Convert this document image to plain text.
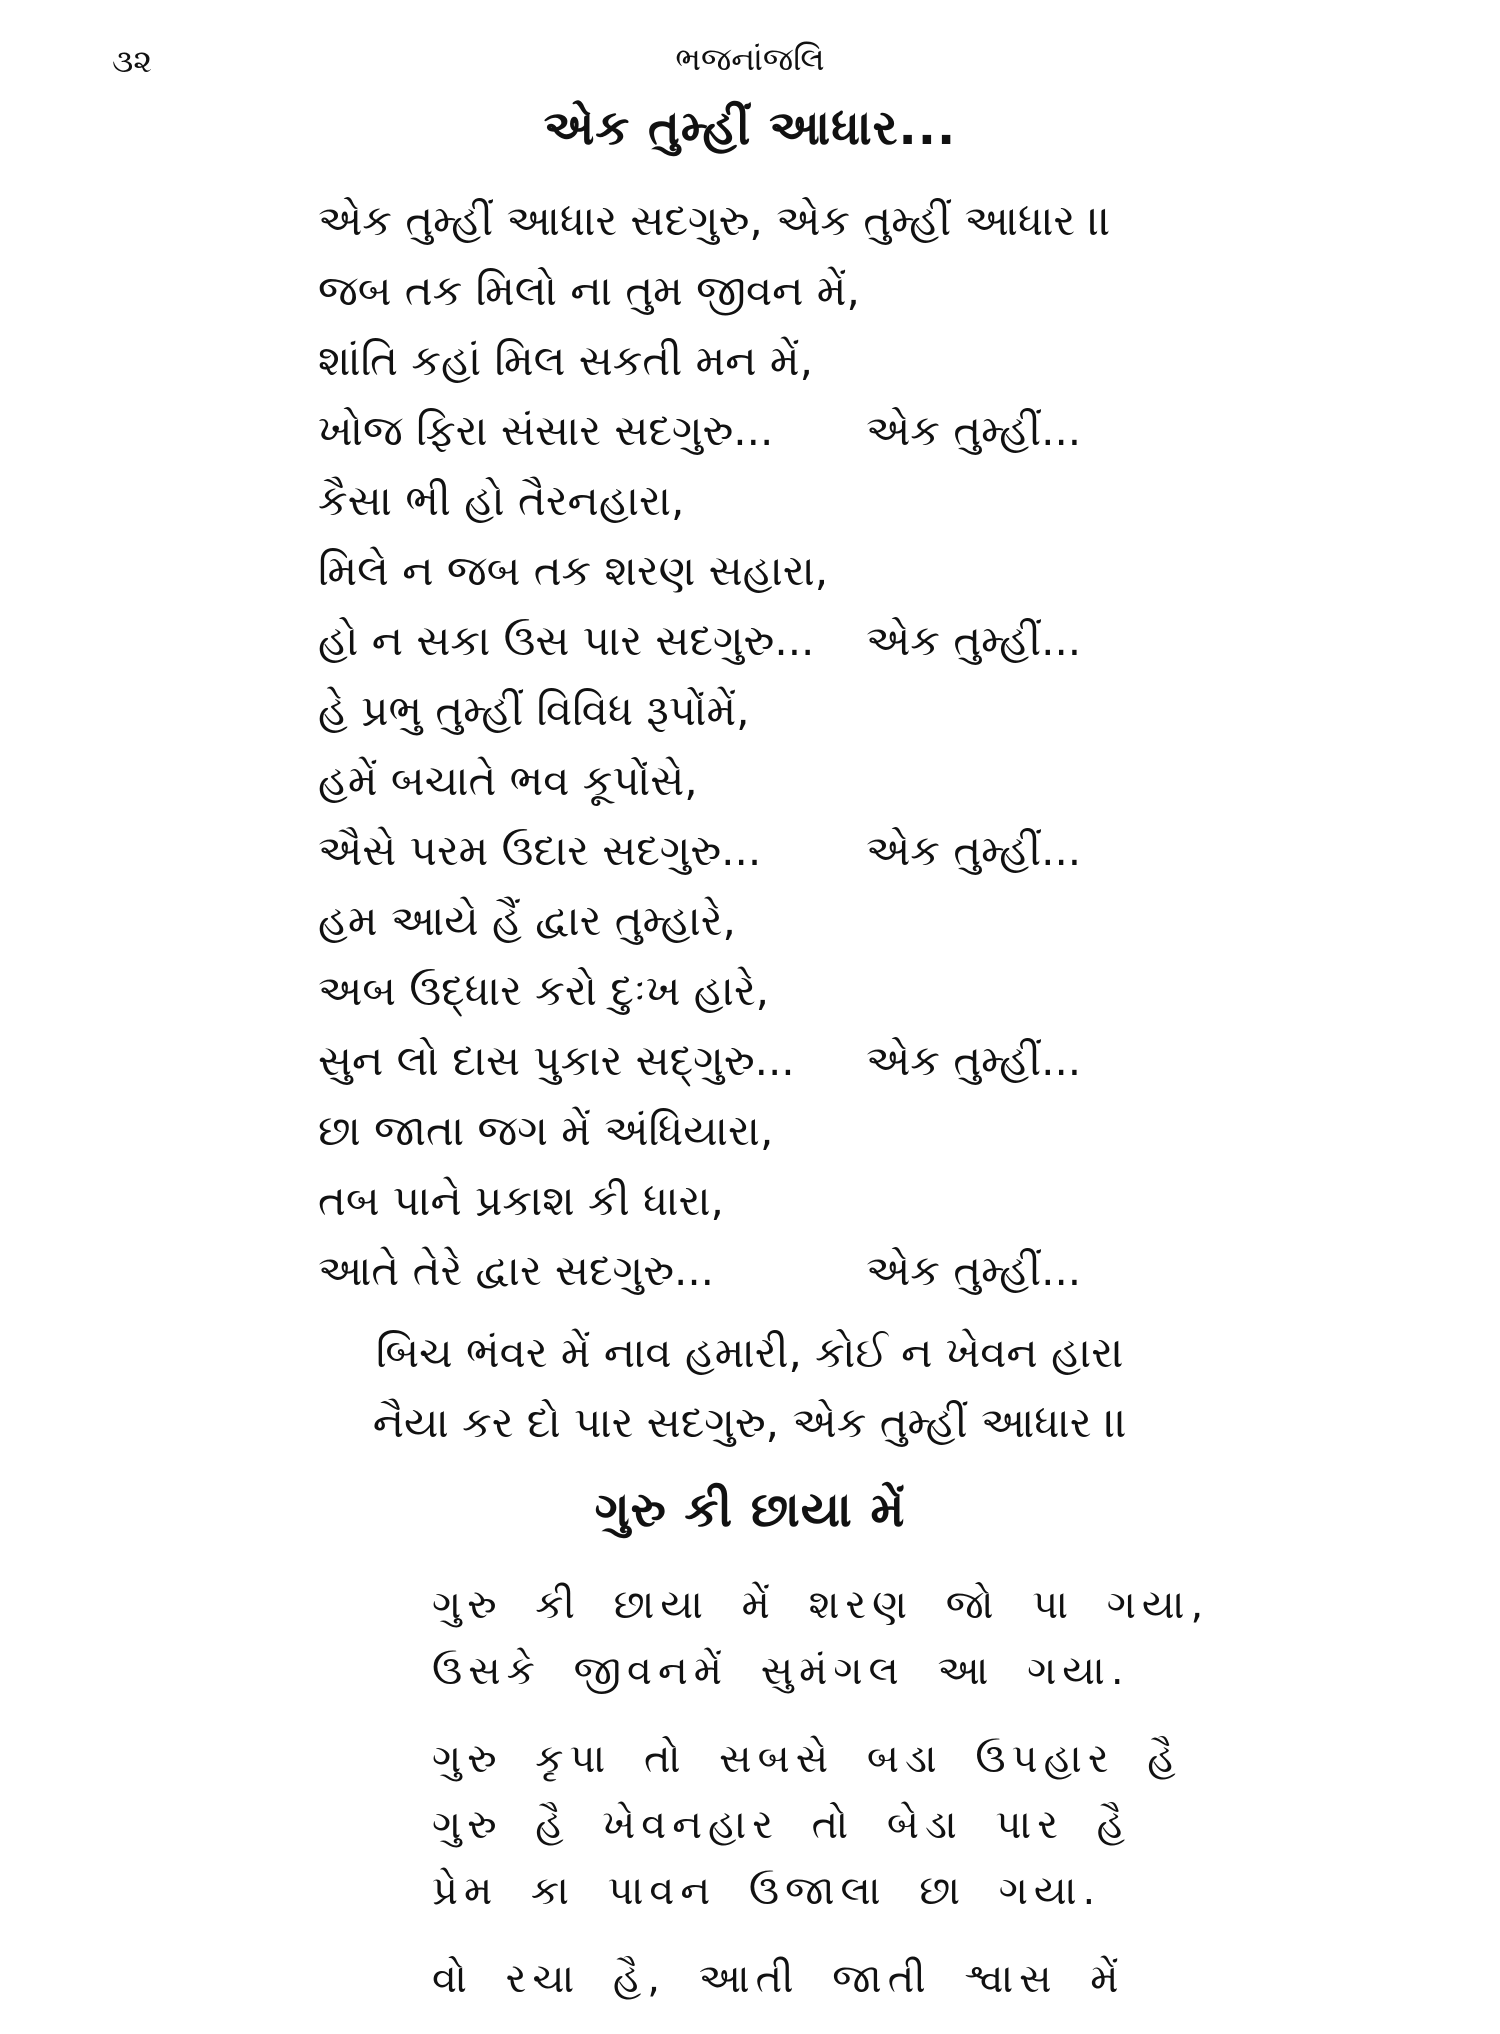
૩૨	ભજનાંજલિ
એક તુમ્હીં આધાર...
એક તુમ્હીં આધાર સદગુરુ, એક તુમ્હીં આધાર ।।
જબ તક મિલો ના તુમ જીવન મેં,
શાંતિ કહાં મિલ સકતી મન મેં,
ખોજ ફિરા સંસાર સદગુરુ... એક તુમ્હીં...
કૈસા ભી હો તૈરનહારા,
મિલે ન જબ તક શરણ સહારા,
હો ન સકા ઉસ પાર સદગુરુ... એક તુમ્હીં...
હે પ્રભુ તુમ્હીં વિવિધ રૂપોંમેં,
હમેં બચાતે ભવ કૂપોંસે,
ઐસે પરમ ઉદાર સદગુરુ... એક તુમ્હીં...
હમ આયે હૈં દ્વાર તુમ્હારે,
અબ ઉદ્ધાર કરો દુઃખ હારે,
સુન લો દાસ પુકાર સદ્ગુરુ... એક તુમ્હીં...
છા જાતા જગ મેં અંધિયારા,
તબ પાને પ્રકાશ કી ધારા,
આતે તેરે દ્વાર સદગુરુ...	એક તુમ્હીં...
બિચ ભંવર મેં નાવ હમારી, કોઈ ન ખેવન હાર।
નૈયા કર દો પાર સદગુરુ, એક તુમ્હીં આધાર ।।
ગુરુ કી છાયા મેં
ગુરુ કી છાયા મેં શરણ જો પા ગયા,
ઉસકે જીવનમેં સુમંગલ આ ગયા.
ગુરુ કૃપા તો સબસે બડા ઉપહાર હૈ
ગુરુ હૈ ખેવનહાર તો બેડા પાર હૈ
પ્રેમ કા પાવન ઉજાલા છા ગયા.
વો રચા હૈ, આતી જાતી શ્વાસ મેં
